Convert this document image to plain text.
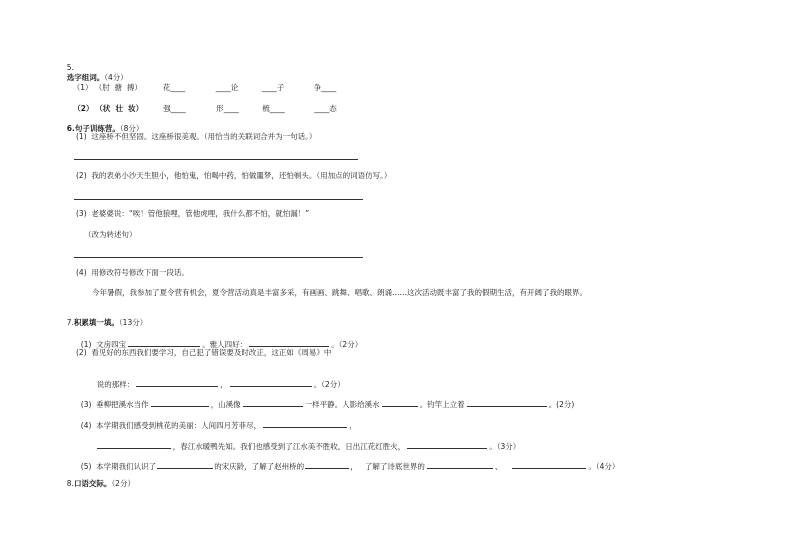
5.
选字组词。（4分）

（1） （肘  搪  搏）	花____	____论	____子	争____

（2） （状  壮  妆）	强____	形____	梳____	____态

6.句子训练营。（8分）

(1)  这座桥不但坚固。这座桥很美观。（用恰当的关联词合并为一句话。）
(2)  我的表弟小沙天生胆小，他怕鬼，怕喝中药，怕做噩梦，还怕剃头。（用加点的词语仿写。）
(3)  老婆婆说：“唉！管他狼哩，管他虎哩，我什么都不怕，就怕漏！”
（改为转述句）
(4)  用修改符号修改下面一段话。
今年暑假，我参加了夏令营有机会，夏令营活动真是丰富多采，有画画、跳舞、唱歌、朗诵……这次活动既丰富了我的假期生活，有开阔了我的眼界。

7.积累填一填。（13分）

(1)  文房四宝	。雅人四好：	。（2分）

(2)  看见好的东西我们要学习，自己犯了错误要及时改正，这正如《周易》中

说的那样：	，	。（2分）

(3)  垂柳把溪水当作	，山溪像	一样平静。人影给溪水	。钓竿上立着	。(2分)

(4)  本学期我们感受到桃花的美丽：人间四月芳菲尽，	，

，春江水暖鸭先知。我们也感受到了江水美不胜收，日出江花红胜火，	。（3分）

(5)  本学期我们认识了	的宋庆龄，了解了赵州桥的	，   了解了诗底世界的	、	。（4分）

8.口语交际。（2分）
